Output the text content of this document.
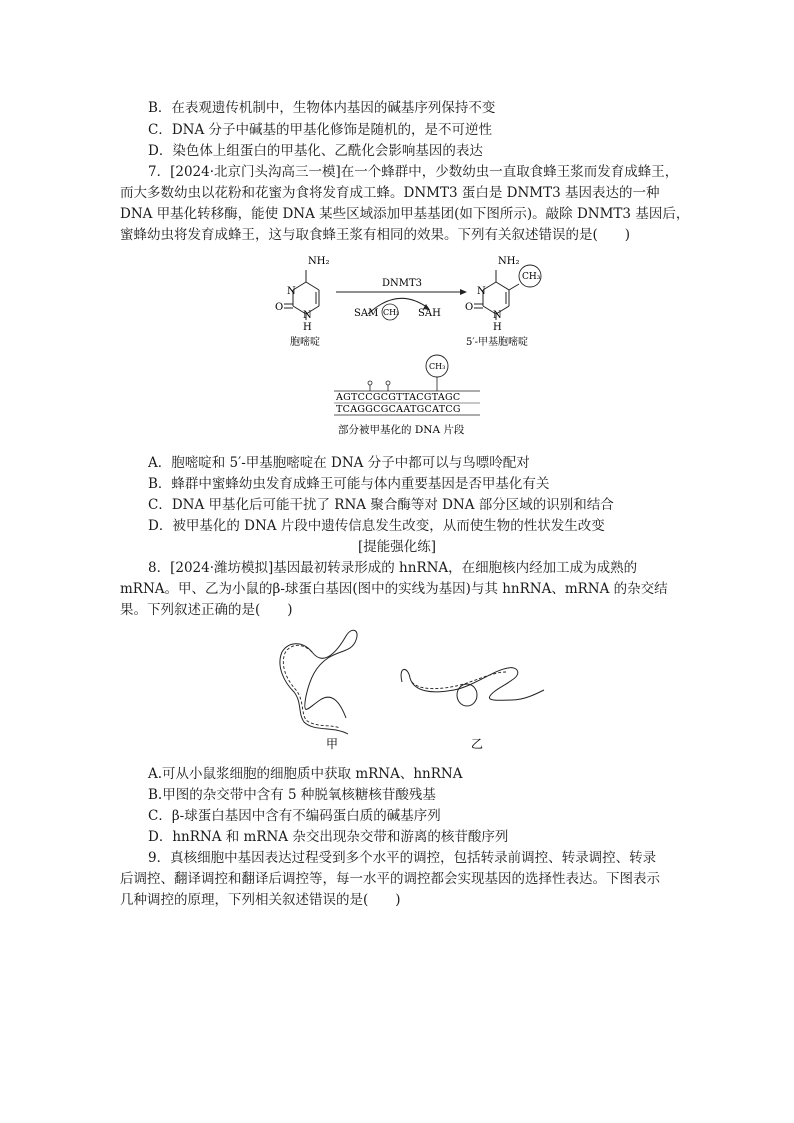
B．在表观遗传机制中，生物体内基因的碱基序列保持不变
C．DNA 分子中碱基的甲基化修饰是随机的，是不可逆性
D．染色体上组蛋白的甲基化、乙酰化会影响基因的表达
7．[2024·北京门头沟高三一模]在一个蜂群中，少数幼虫一直取食蜂王浆而发育成蜂王，
而大多数幼虫以花粉和花蜜为食将发育成工蜂。DNMT3 蛋白是 DNMT3 基因表达的一种
DNA 甲基化转移酶，能使 DNA 某些区域添加甲基基团(如下图所示)。敲除 DNMT3 基因后，
蜜蜂幼虫将发育成蜂王，这与取食蜂王浆有相同的效果。下列有关叙述错误的是(　　)
NH₂
N
O
N
H
胞嘧啶
DNMT3
SAM CH₃ SAH
CH₃
NH₂
N
O
N
H
5′-甲基胞嘧啶
CH₃
AGTCCGCGTTACGTAGC
TCAGGCGCAATGCATCG
部分被甲基化的 DNA 片段
A．胞嘧啶和 5′-甲基胞嘧啶在 DNA 分子中都可以与鸟嘌呤配对
B．蜂群中蜜蜂幼虫发育成蜂王可能与体内重要基因是否甲基化有关
C．DNA 甲基化后可能干扰了 RNA 聚合酶等对 DNA 部分区域的识别和结合
D．被甲基化的 DNA 片段中遗传信息发生改变，从而使生物的性状发生改变
[提能强化练]
8．[2024·潍坊模拟]基因最初转录形成的 hnRNA，在细胞核内经加工成为成熟的
mRNA。甲、乙为小鼠的β-球蛋白基因(图中的实线为基因)与其 hnRNA、mRNA 的杂交结
果。下列叙述正确的是(　　)
甲	乙
A.可从小鼠浆细胞的细胞质中获取 mRNA、hnRNA
B.甲图的杂交带中含有 5 种脱氧核糖核苷酸残基
C．β-球蛋白基因中含有不编码蛋白质的碱基序列
D．hnRNA 和 mRNA 杂交出现杂交带和游离的核苷酸序列
9．真核细胞中基因表达过程受到多个水平的调控，包括转录前调控、转录调控、转录
后调控、翻译调控和翻译后调控等，每一水平的调控都会实现基因的选择性表达。下图表示
几种调控的原理，下列相关叙述错误的是(　　)
